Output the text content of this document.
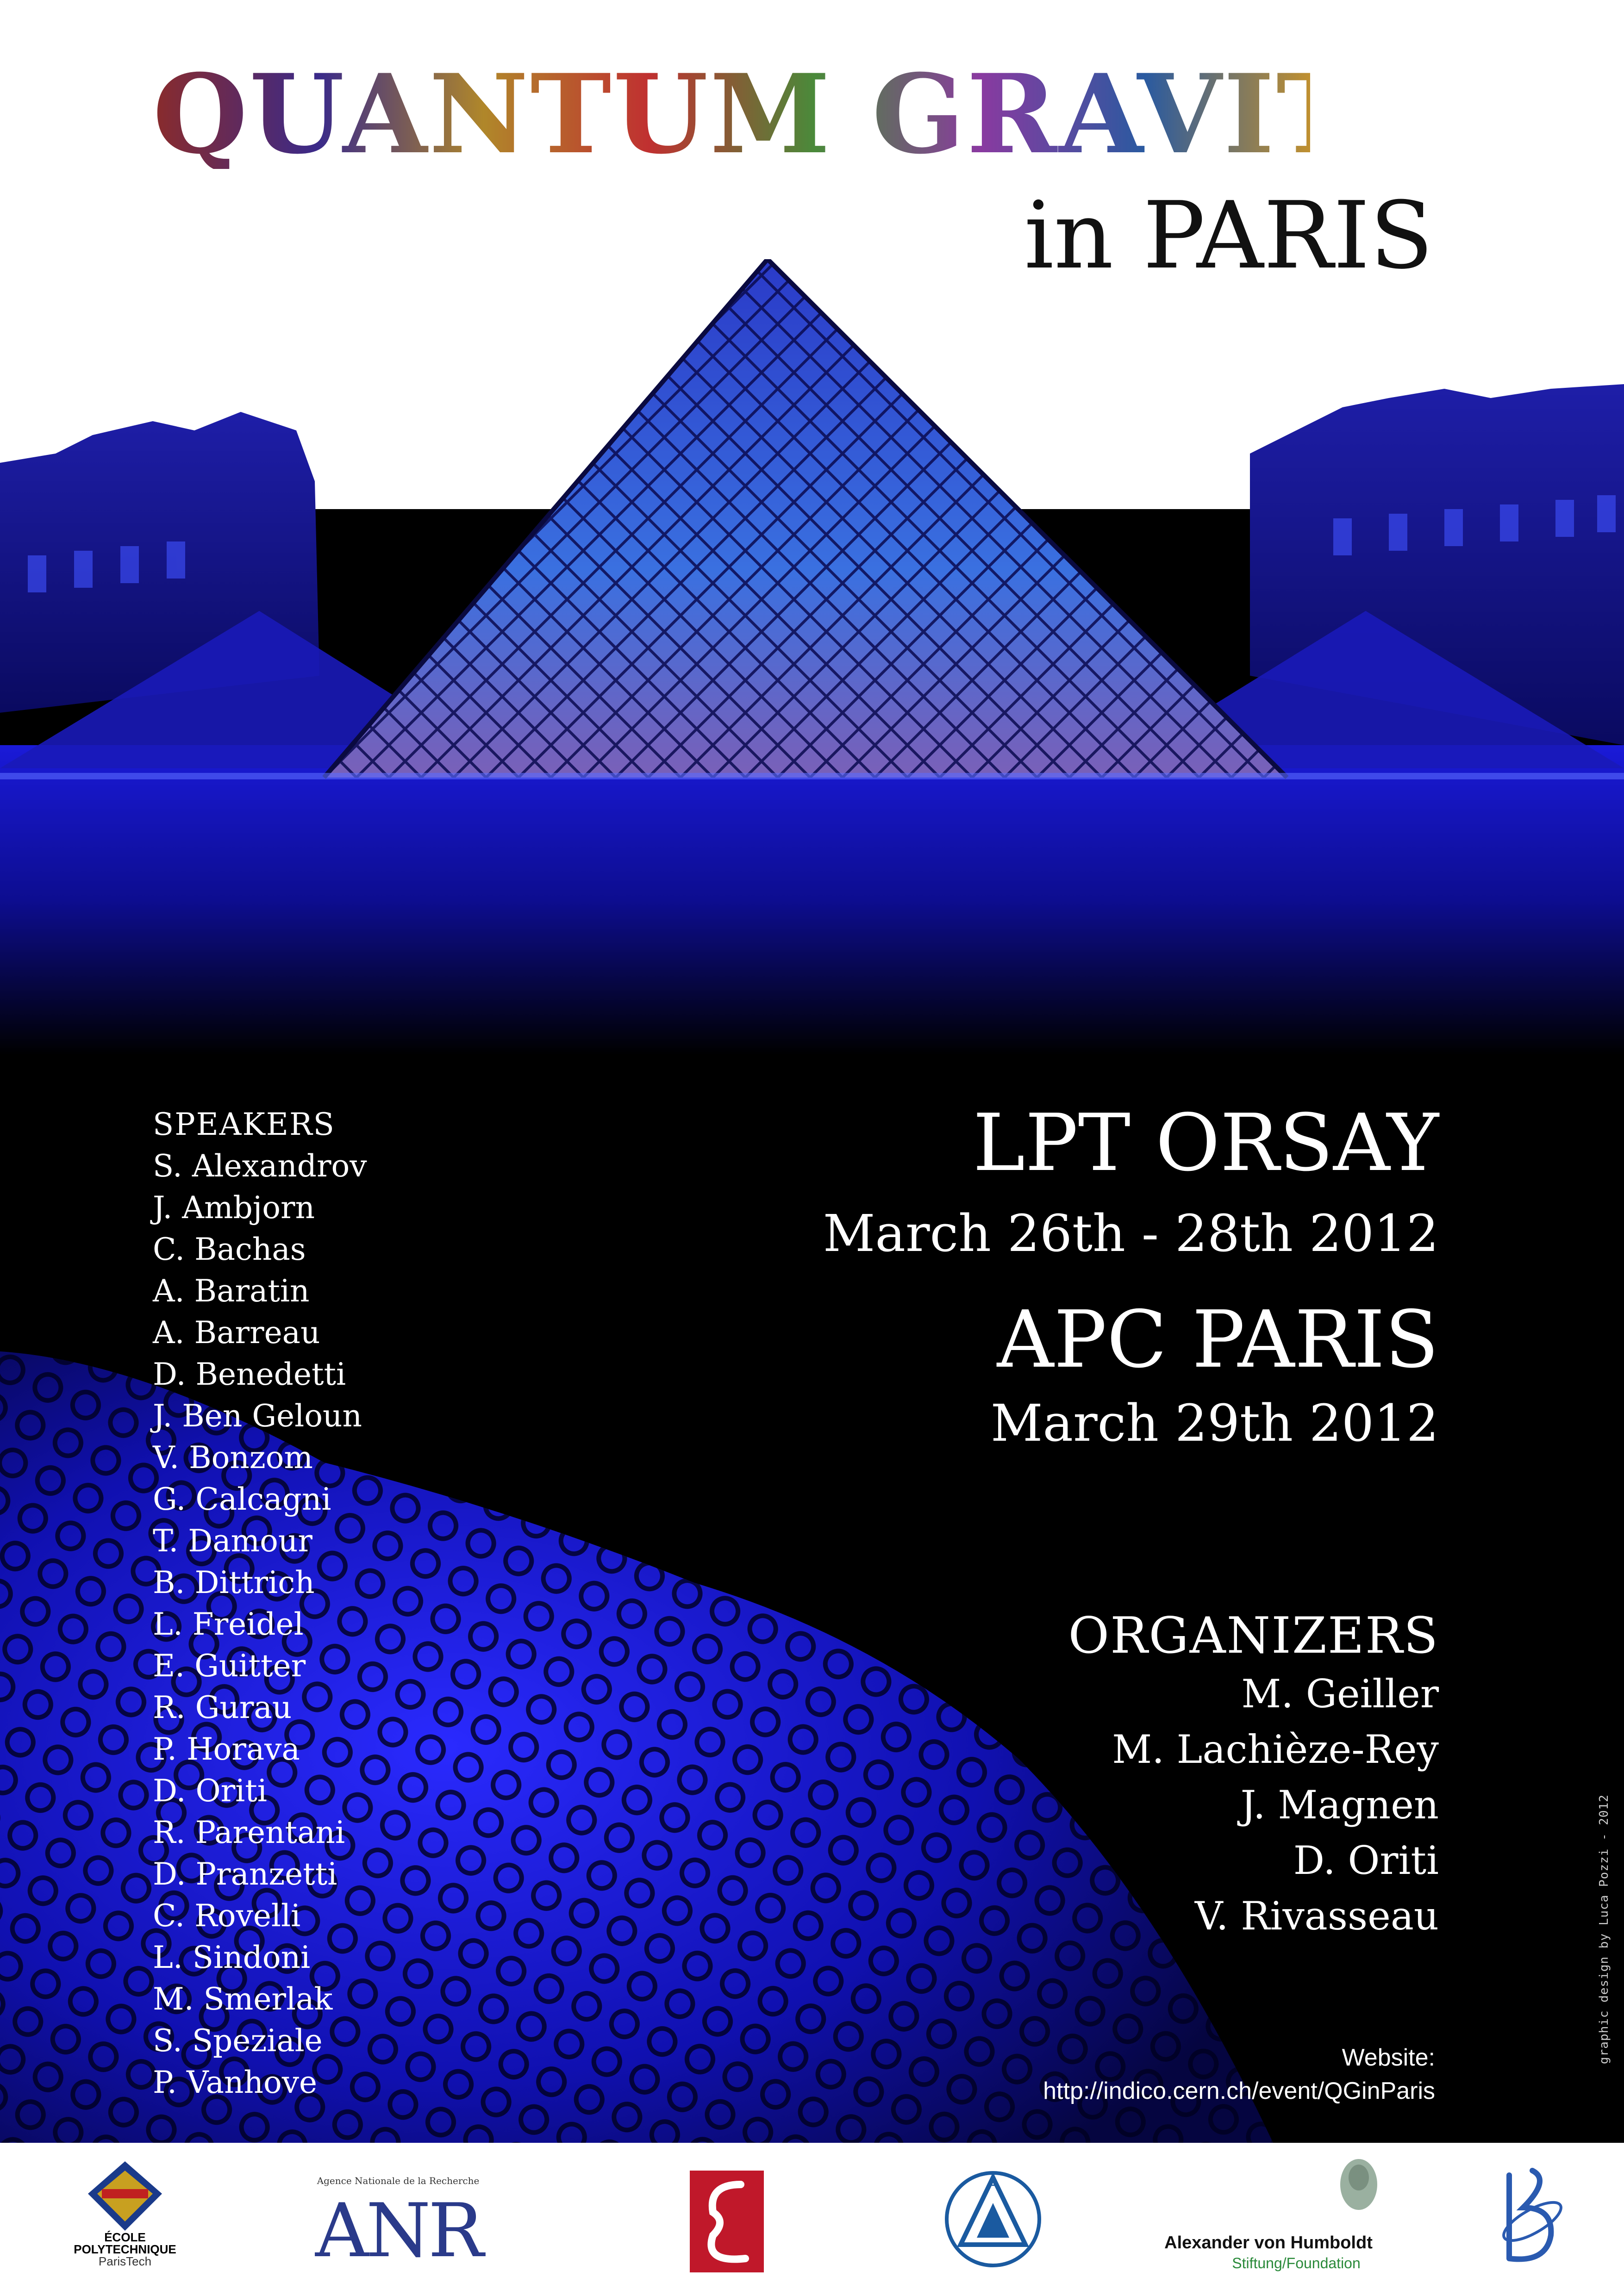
QUANTUM GRAVITY
in PARIS
SPEAKERS
S. Alexandrov
J. Ambjorn
C. Bachas
A. Baratin
A. Barreau
D. Benedetti
J. Ben Geloun
V. Bonzom
G. Calcagni
T. Damour
B. Dittrich
L. Freidel
E. Guitter
R. Gurau
P. Horava
D. Oriti
R. Parentani
D. Pranzetti
C. Rovelli
L. Sindoni
M. Smerlak
S. Speziale
P. Vanhove
LPT ORSAY
March 26th - 28th 2012
APC PARIS
March 29th 2012
ORGANIZERS
M. Geiller
M. Lachièze-Rey
J. Magnen
D. Oriti
V. Rivasseau
Website:
http://indico.cern.ch/event/QGinParis
graphic design by Luca Pozzi - 2012
ÉCOLE
POLYTECHNIQUE
ParisTech
Agence Nationale de la Recherche
ANR
A
Alexander von Humboldt
Stiftung/Foundation
